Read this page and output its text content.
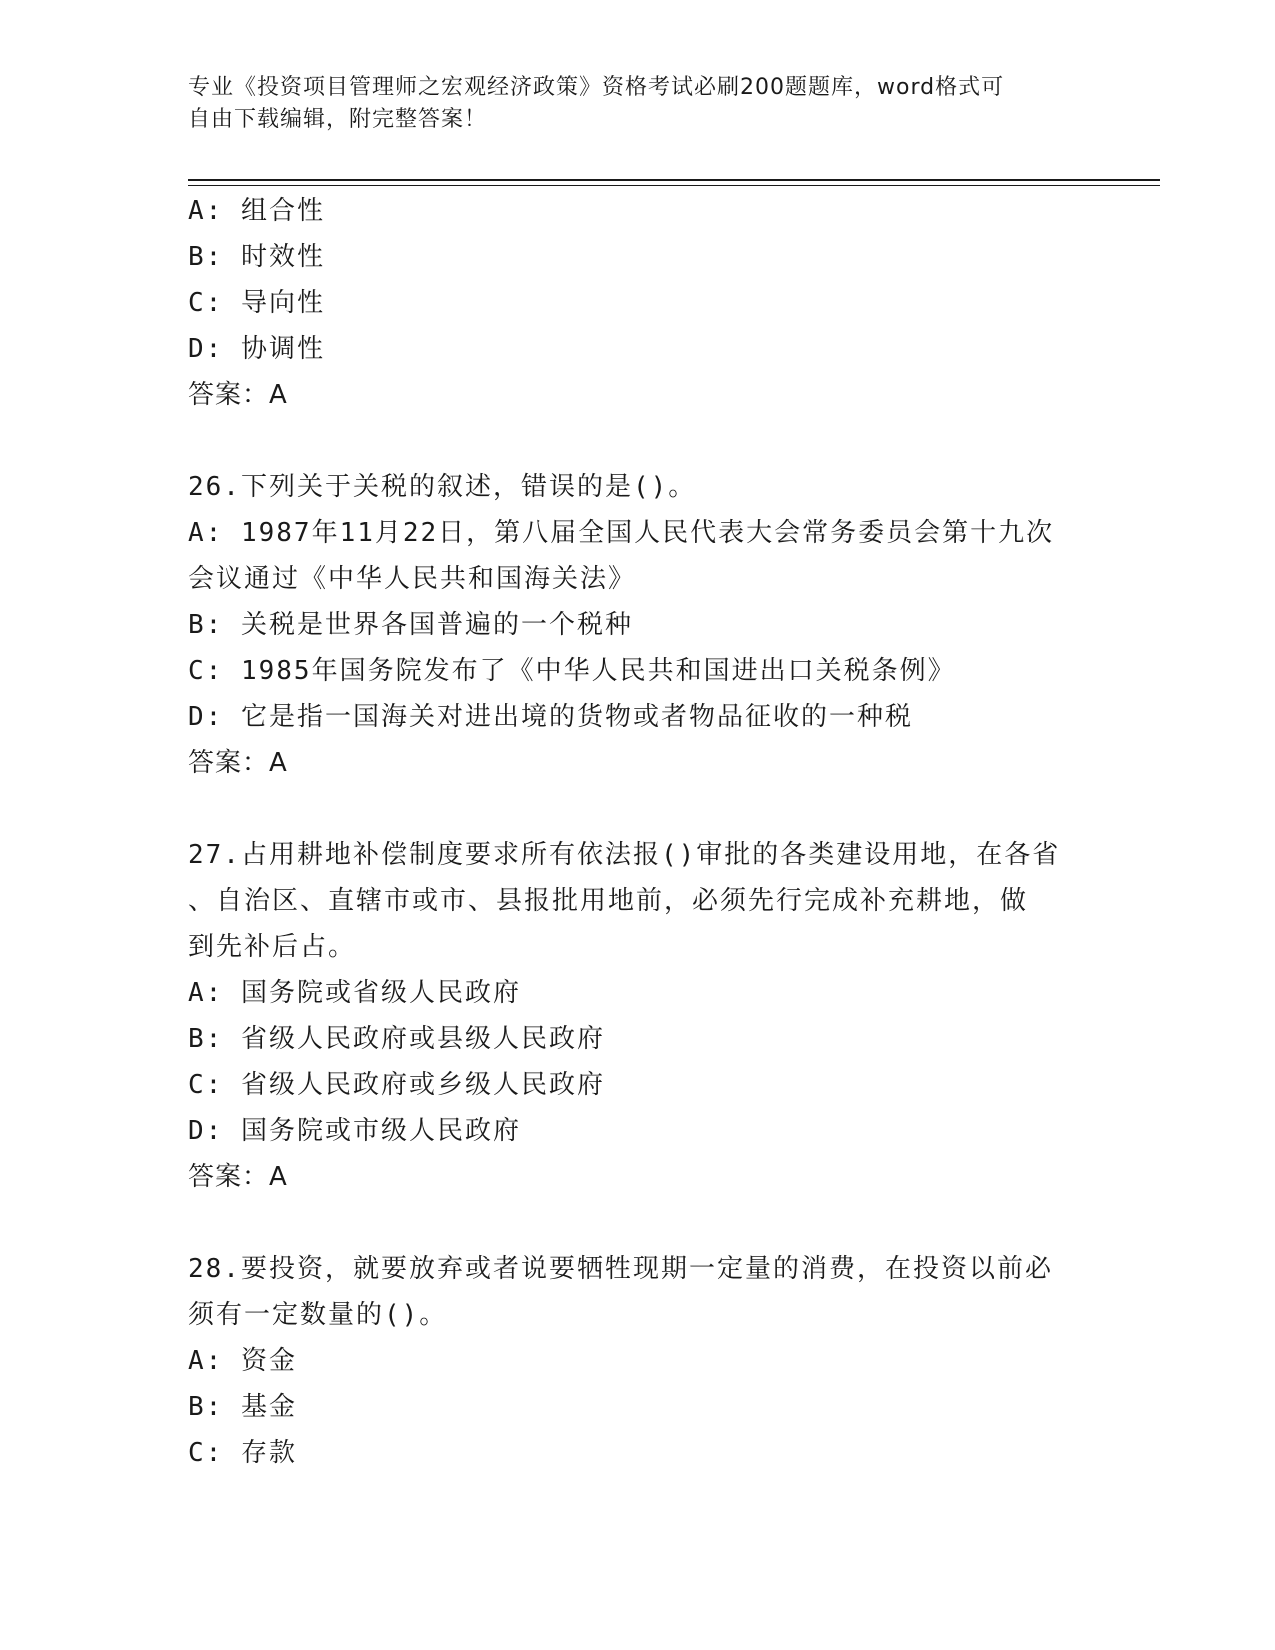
专业《投资项目管理师之宏观经济政策》资格考试必刷200题题库，word格式可
自由下载编辑，附完整答案！
A: 组合性
B: 时效性
C: 导向性
D: 协调性
答案：A
26.下列关于关税的叙述，错误的是()。
A: 1987年11月22日，第八届全国人民代表大会常务委员会第十九次
会议通过《中华人民共和国海关法》
B: 关税是世界各国普遍的一个税种
C: 1985年国务院发布了《中华人民共和国进出口关税条例》
D: 它是指一国海关对进出境的货物或者物品征收的一种税
答案：A
27.占用耕地补偿制度要求所有依法报()审批的各类建设用地，在各省
、自治区、直辖市或市、县报批用地前，必须先行完成补充耕地，做
到先补后占。
A: 国务院或省级人民政府
B: 省级人民政府或县级人民政府
C: 省级人民政府或乡级人民政府
D: 国务院或市级人民政府
答案：A
28.要投资，就要放弃或者说要牺牲现期一定量的消费，在投资以前必
须有一定数量的()。
A: 资金
B: 基金
C: 存款
